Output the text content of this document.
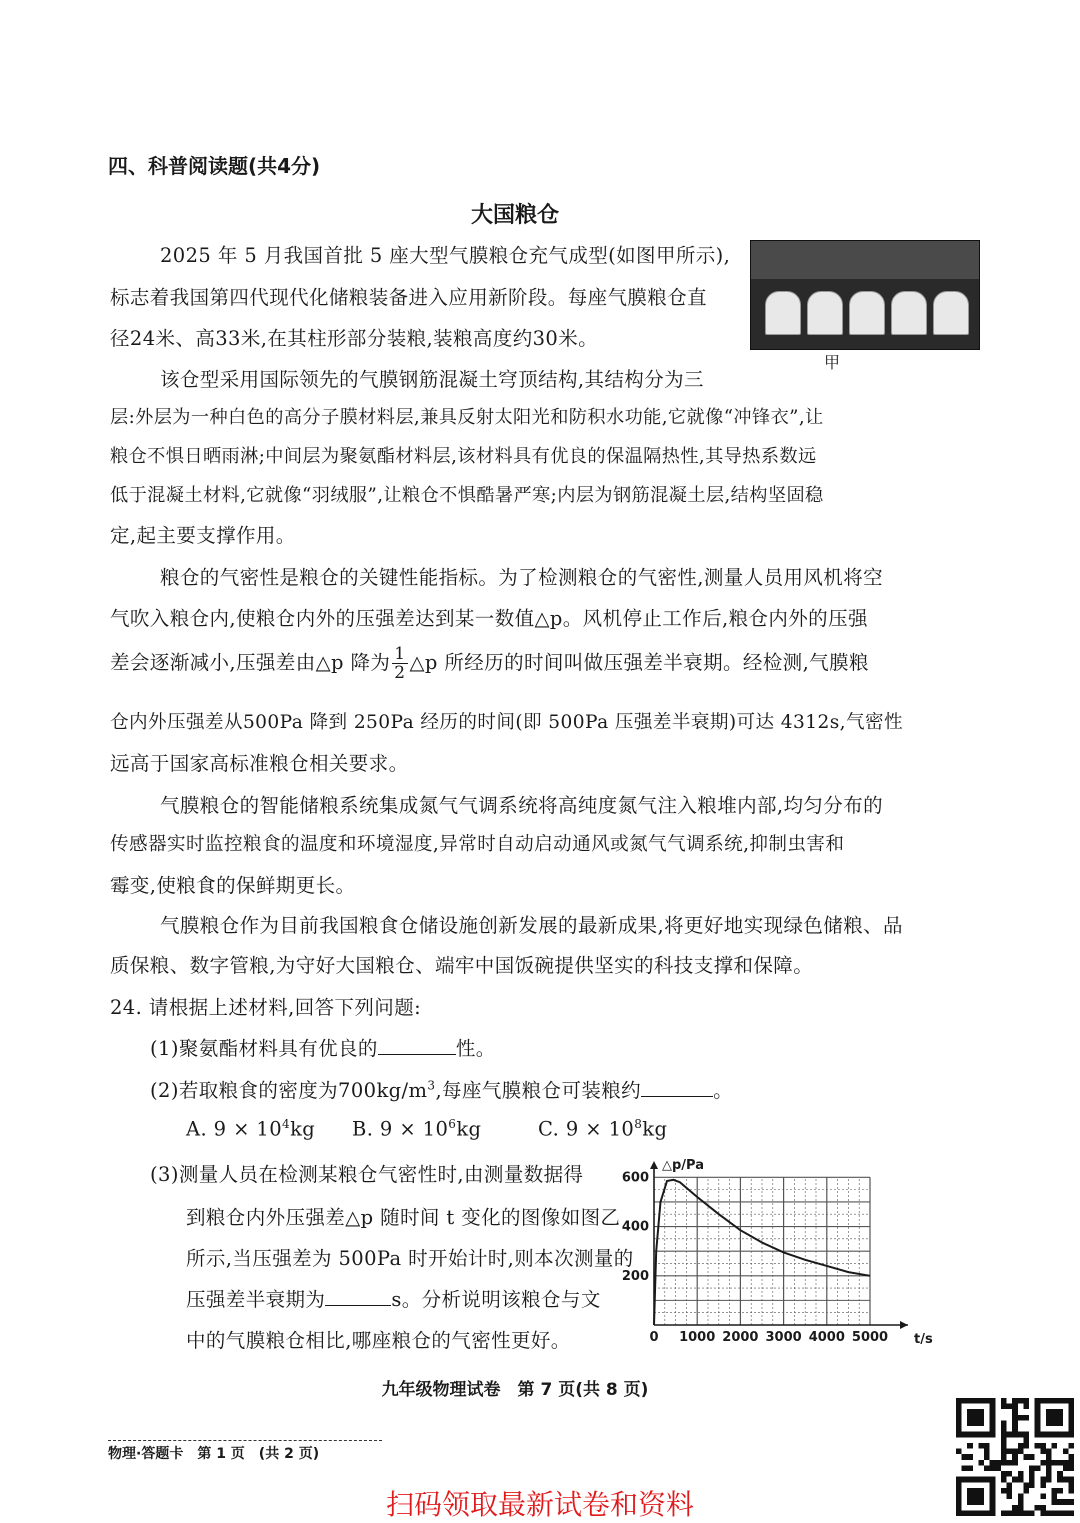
四、科普阅读题(共4分)
大国粮仓
甲
2025 年 5 月我国首批 5 座大型气膜粮仓充气成型(如图甲所示),
标志着我国第四代现代化储粮装备进入应用新阶段。每座气膜粮仓直
径24米、高33米,在其柱形部分装粮,装粮高度约30米。
该仓型采用国际领先的气膜钢筋混凝土穹顶结构,其结构分为三
层:外层为一种白色的高分子膜材料层,兼具反射太阳光和防积水功能,它就像“冲锋衣”,让
粮仓不惧日晒雨淋;中间层为聚氨酯材料层,该材料具有优良的保温隔热性,其导热系数远
低于混凝土材料,它就像“羽绒服”,让粮仓不惧酷暑严寒;内层为钢筋混凝土层,结构坚固稳
定,起主要支撑作用。
粮仓的气密性是粮仓的关键性能指标。为了检测粮仓的气密性,测量人员用风机将空
气吹入粮仓内,使粮仓内外的压强差达到某一数值△p。风机停止工作后,粮仓内外的压强
差会逐渐减小,压强差由△p 降为 $\frac{1}{2}$ △p 所经历的时间叫做压强差半衰期。经检测,气膜粮
仓内外压强差从500Pa 降到 250Pa 经历的时间(即 500Pa 压强差半衰期)可达 4312s,气密性
远高于国家高标准粮仓相关要求。
气膜粮仓的智能储粮系统集成氮气气调系统将高纯度氮气注入粮堆内部,均匀分布的
传感器实时监控粮食的温度和环境湿度,异常时自动启动通风或氮气气调系统,抑制虫害和
霉变,使粮食的保鲜期更长。
气膜粮仓作为目前我国粮食仓储设施创新发展的最新成果,将更好地实现绿色储粮、品
质保粮、数字管粮,为守好大国粮仓、端牢中国饭碗提供坚实的科技支撑和保障。
24. 请根据上述材料,回答下列问题:
(1)聚氨酯材料具有优良的	性。
(2)若取粮食的密度为$700kg/m^3$,每座气膜粮仓可装粮约	。
A. $9 \times 10^4kg$ B. $9 \times 10^6kg$	C. $9 \times 10^8kg$
(3)测量人员在检测某粮仓气密性时,由测量数据得
到粮仓内外压强差△p 随时间 t 变化的图像如图乙
所示,当压强差为 500Pa 时开始计时,则本次测量的
压强差半衰期为	s。分析说明该粮仓与文
中的气膜粮仓相比,哪座粮仓的气密性更好。	0 1000 2000 3000 4000 5000
200
400
600
t/s
△p/Pa
九年级物理试卷　第 7 页(共 8 页)
物理·答题卡　第 1 页　(共 2 页)
扫码领取最新试卷和资料
